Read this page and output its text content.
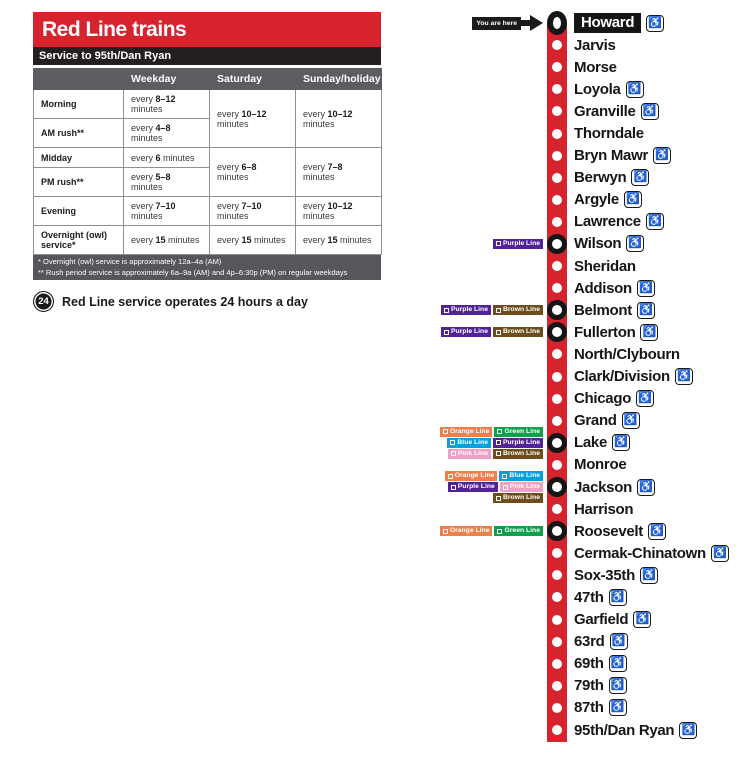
Red Line trains
Service to 95th/Dan Ryan
	Weekday	Saturday	Sunday/holiday
Morning	every 8–12 minutes	every 10–12 minutes	every 10–12 minutes
AM rush**	every 4–8 minutes		
Midday	every 6 minutes	every 6–8 minutes	every 7–8 minutes
PM rush**	every 5–8 minutes		
Evening	every 7–10 minutes	every 7–10 minutes	every 10–12 minutes
Overnight (owl) service*	every 15 minutes	every 15 minutes	every 15 minutes
* Overnight (owl) service is approximately 12a–4a (AM)
** Rush period service is approximately 6a–9a (AM) and 4p–6:30p (PM) on regular weekdays
24	Red Line service operates 24 hours a day
You are here	Howard	♿
Jarvis
Morse
Loyola ♿
Granville ♿
Thorndale
Bryn Mawr ♿
Berwyn ♿
Argyle ♿
Lawrence ♿
Purple Line Wilson ♿
Sheridan
Addison ♿
Purple Line Brown Line Belmont ♿
Purple Line Brown Line Fullerton ♿
North/Clybourn
Clark/Division ♿
Chicago ♿
Grand ♿
Orange Line Green Line
Blue Line Purple Line
Pink Line Brown Line
Lake ♿
Monroe
Orange Line Blue Line
Purple Line Pink Line
Brown Line
Jackson ♿
Harrison
Orange Line Green Line Roosevelt ♿
Cermak-Chinatown ♿
Sox-35th ♿
47th ♿
Garfield ♿
63rd ♿
69th ♿
79th ♿
87th ♿
95th/Dan Ryan ♿
